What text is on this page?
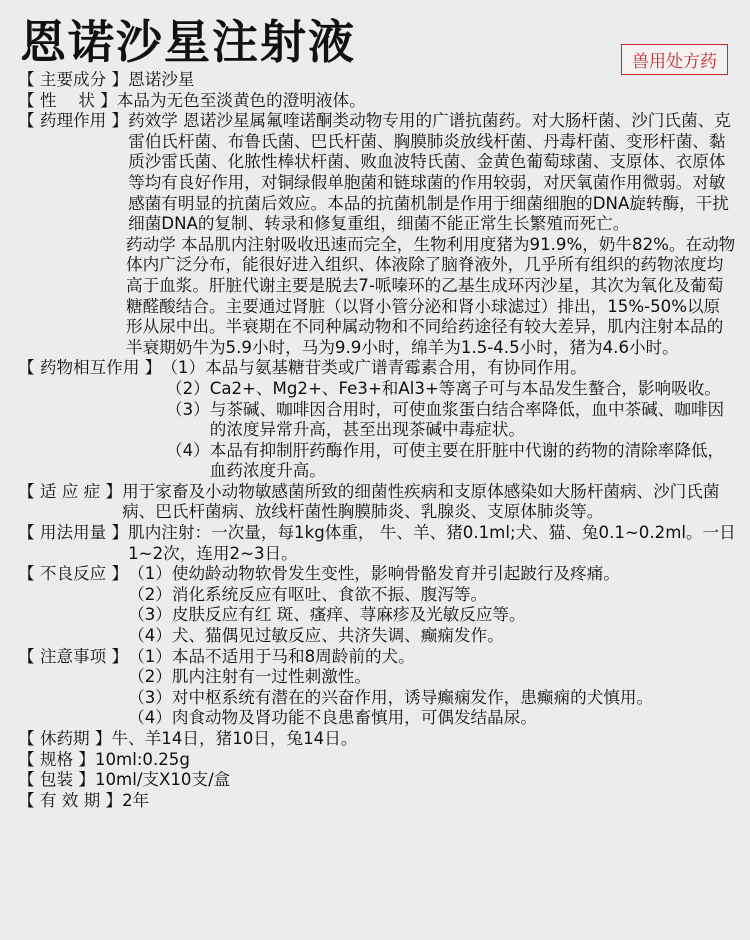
恩诺沙星注射液	兽用处方药
【 主要成分 】 恩诺沙星
【 性　 状 】 本品为无色至淡黄色的澄明液体。
【 药理作用 】 药效学 恩诺沙星属氟喹诺酮类动物专用的广谱抗菌药。对大肠杆菌、沙门氏菌、克雷伯氏杆菌、布鲁氏菌、巴氏杆菌、胸膜肺炎放线杆菌、丹毒杆菌、变形杆菌、黏质沙雷氏菌、化脓性棒状杆菌、败血波特氏菌、金黄色葡萄球菌、支原体、衣原体等均有良好作用，对铜绿假单胞菌和链球菌的作用较弱，对厌氧菌作用微弱。对敏感菌有明显的抗菌后效应。本品的抗菌机制是作用于细菌细胞的DNA旋转酶，干扰细菌DNA的复制、转录和修复重组，细菌不能正常生长繁殖而死亡。
药动学 本品肌内注射吸收迅速而完全，生物利用度猪为91.9%，奶牛82%。在动物体内广泛分布，能很好进入组织、体液除了脑脊液外，几乎所有组织的药物浓度均高于血浆。肝脏代谢主要是脱去7-哌嗪环的乙基生成环丙沙星，其次为氧化及葡萄糖醛酸结合。主要通过肾脏（以肾小管分泌和肾小球滤过）排出，15%-50%以原形从尿中出。半衰期在不同种属动物和不同给药途径有较大差异，肌内注射本品的半衰期奶牛为5.9小时，马为9.9小时，绵羊为1.5-4.5小时，猪为4.6小时。
【 药物相互作用 】 （1） 本品与氨基糖苷类或广谱青霉素合用，有协同作用。
（2） Ca2+、Mg2+、Fe3+和Al3+等离子可与本品发生螯合，影响吸收。
（3） 与茶碱、咖啡因合用时，可使血浆蛋白结合率降低，血中茶碱、咖啡因的浓度异常升高，甚至出现茶碱中毒症状。
（4） 本品有抑制肝药酶作用，可使主要在肝脏中代谢的药物的清除率降低，血药浓度升高。
【 适 应 症 】 用于家畜及小动物敏感菌所致的细菌性疾病和支原体感染如大肠杆菌病、沙门氏菌病、巴氏杆菌病、放线杆菌性胸膜肺炎、乳腺炎、支原体肺炎等。
【 用法用量 】 肌内注射：一次量，每1kg体重， 牛、羊、猪0.1ml;犬、猫、兔0.1~0.2ml。一日1~2次，连用2~3日。
【 不良反应 】 （1） 使幼龄动物软骨发生变性，影响骨骼发育并引起跛行及疼痛。
（2） 消化系统反应有呕吐、食欲不振、腹泻等。
（3） 皮肤反应有红 斑、瘙痒、荨麻疹及光敏反应等。
（4） 犬、猫偶见过敏反应、共济失调、癫痫发作。
【 注意事项 】 （1） 本品不适用于马和8周龄前的犬。
（2） 肌内注射有一过性刺激性。
（3） 对中枢系统有潜在的兴奋作用，诱导癫痫发作，患癫痫的犬慎用。
（4） 肉食动物及肾功能不良患畜慎用，可偶发结晶尿。
【 休药期 】 牛、羊14日，猪10日，兔14日。
【 规格 】 10ml:0.25g
【 包装 】 10ml/支X10支/盒
【 有 效 期 】 2年
